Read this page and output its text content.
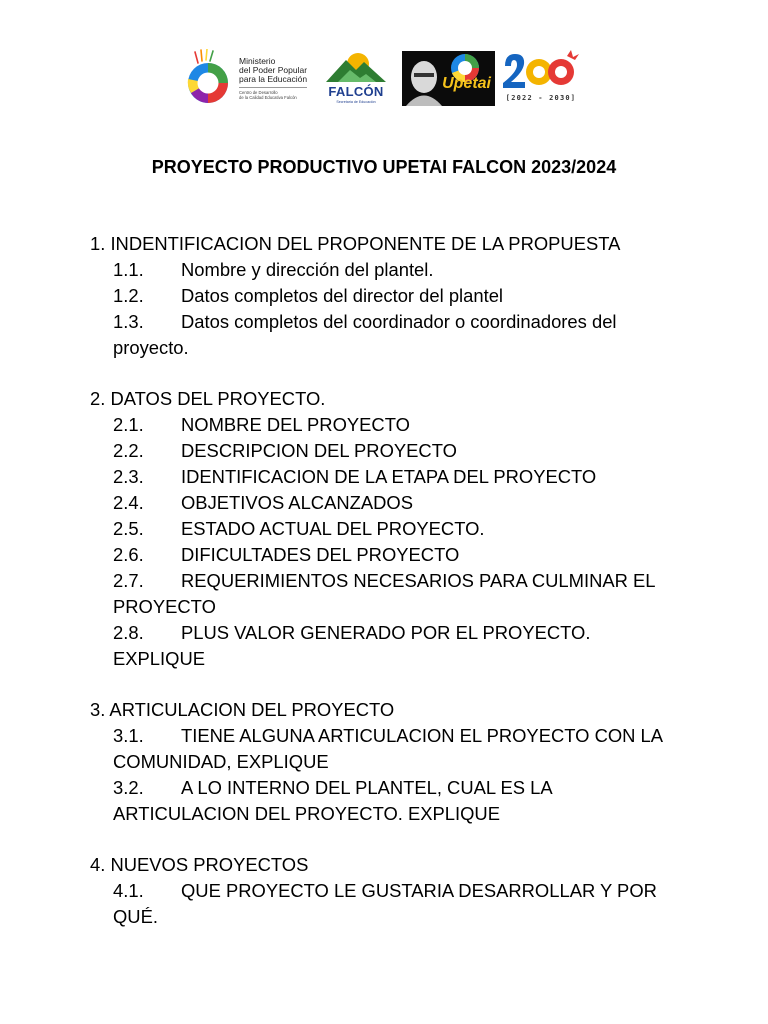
Ministerio
del Poder Popular
para la Educación
Centro de Desarrollo
de la Calidad Educativa Falcón	FALCÓN
Secretaría de Educación
Upetai
[2022 - 2030]
PROYECTO PRODUCTIVO UPETAI FALCON 2023/2024
1. INDENTIFICACION DEL PROPONENTE DE LA PROPUESTA
1.1.	Nombre y dirección del plantel.
1.2.	Datos completos del director del plantel
1.3.	Datos completos del coordinador o coordinadores del proyecto.
2. DATOS DEL PROYECTO.
2.1.	NOMBRE DEL PROYECTO
2.2.	DESCRIPCION DEL PROYECTO
2.3.	IDENTIFICACION DE LA ETAPA DEL PROYECTO
2.4.	OBJETIVOS ALCANZADOS
2.5.	ESTADO ACTUAL DEL PROYECTO.
2.6.	DIFICULTADES DEL PROYECTO
2.7.	REQUERIMIENTOS NECESARIOS PARA CULMINAR EL PROYECTO
2.8.	PLUS VALOR GENERADO POR EL PROYECTO. EXPLIQUE
3. ARTICULACION DEL PROYECTO
3.1.	TIENE ALGUNA ARTICULACION EL PROYECTO CON LA COMUNIDAD, EXPLIQUE
3.2.	A LO INTERNO DEL PLANTEL, CUAL ES LA ARTICULACION DEL PROYECTO. EXPLIQUE
4. NUEVOS PROYECTOS
4.1.	QUE PROYECTO LE GUSTARIA DESARROLLAR Y POR QUÉ.
